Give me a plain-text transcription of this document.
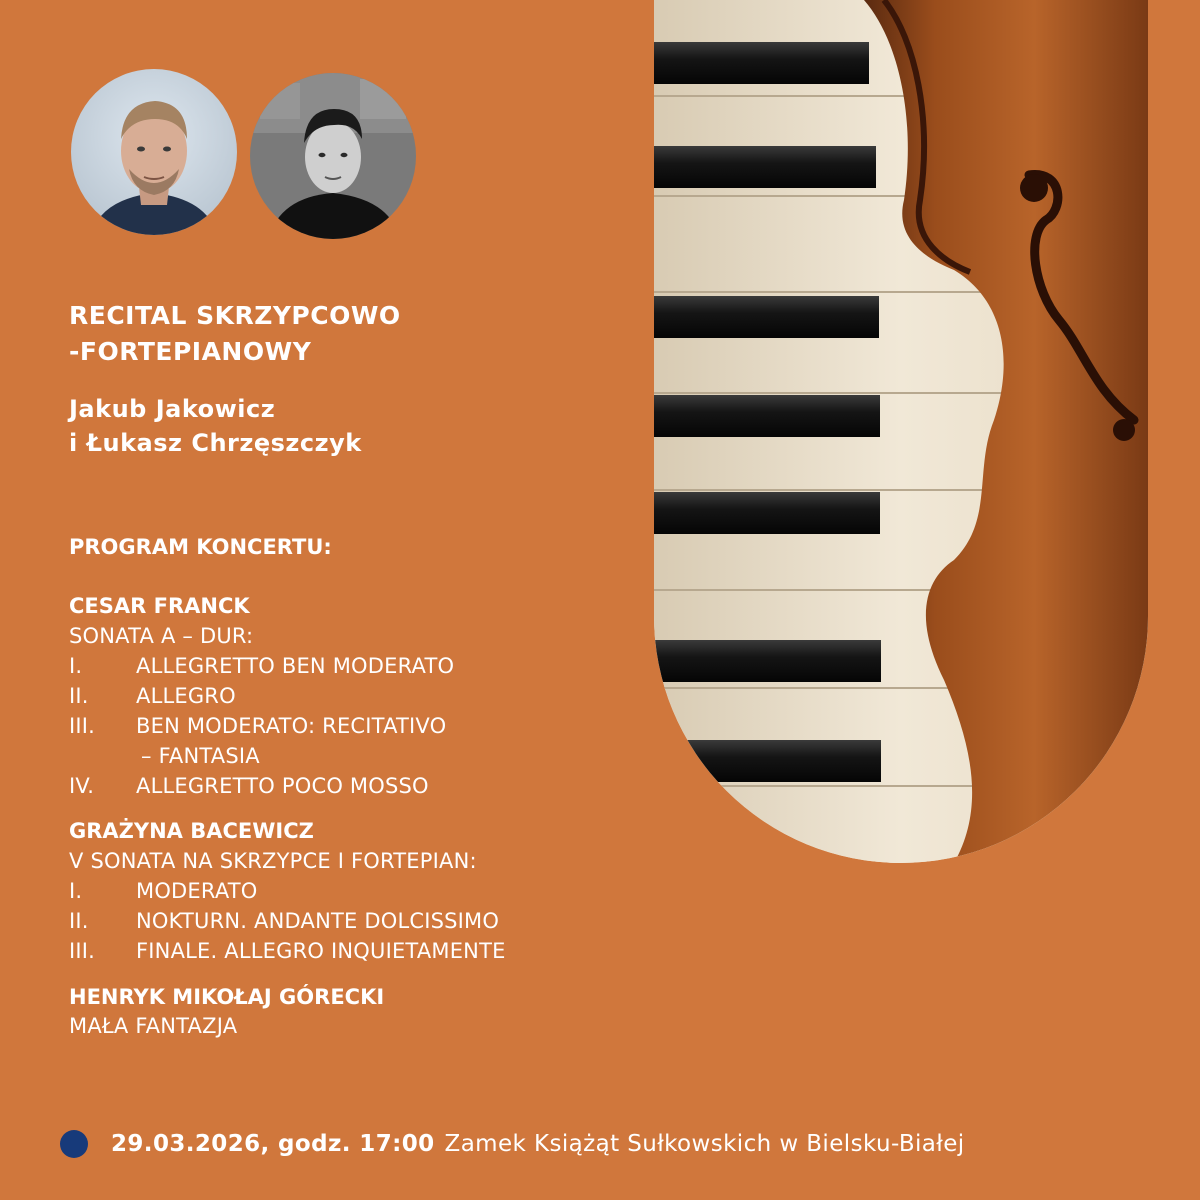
RECITAL SKRZYPCOWO
-FORTEPIANOWY
Jakub Jakowicz
i Łukasz Chrzęszczyk
PROGRAM KONCERTU:
CESAR FRANCK
SONATA A – DUR:
I.	ALLEGRETTO BEN MODERATO
II. ALLEGRO
III. BEN MODERATO: RECITATIVO
– FANTASIA
IV. ALLEGRETTO POCO MOSSO
GRAŻYNA BACEWICZ
V SONATA NA SKRZYPCE I FORTEPIAN:
I.	MODERATO
II. NOKTURN. ANDANTE DOLCISSIMO
III. FINALE. ALLEGRO INQUIETAMENTE
HENRYK MIKOŁAJ GÓRECKI
MAŁA FANTAZJA
29.03.2026, godz. 17:00 Zamek Książąt Sułkowskich w Bielsku-Białej
